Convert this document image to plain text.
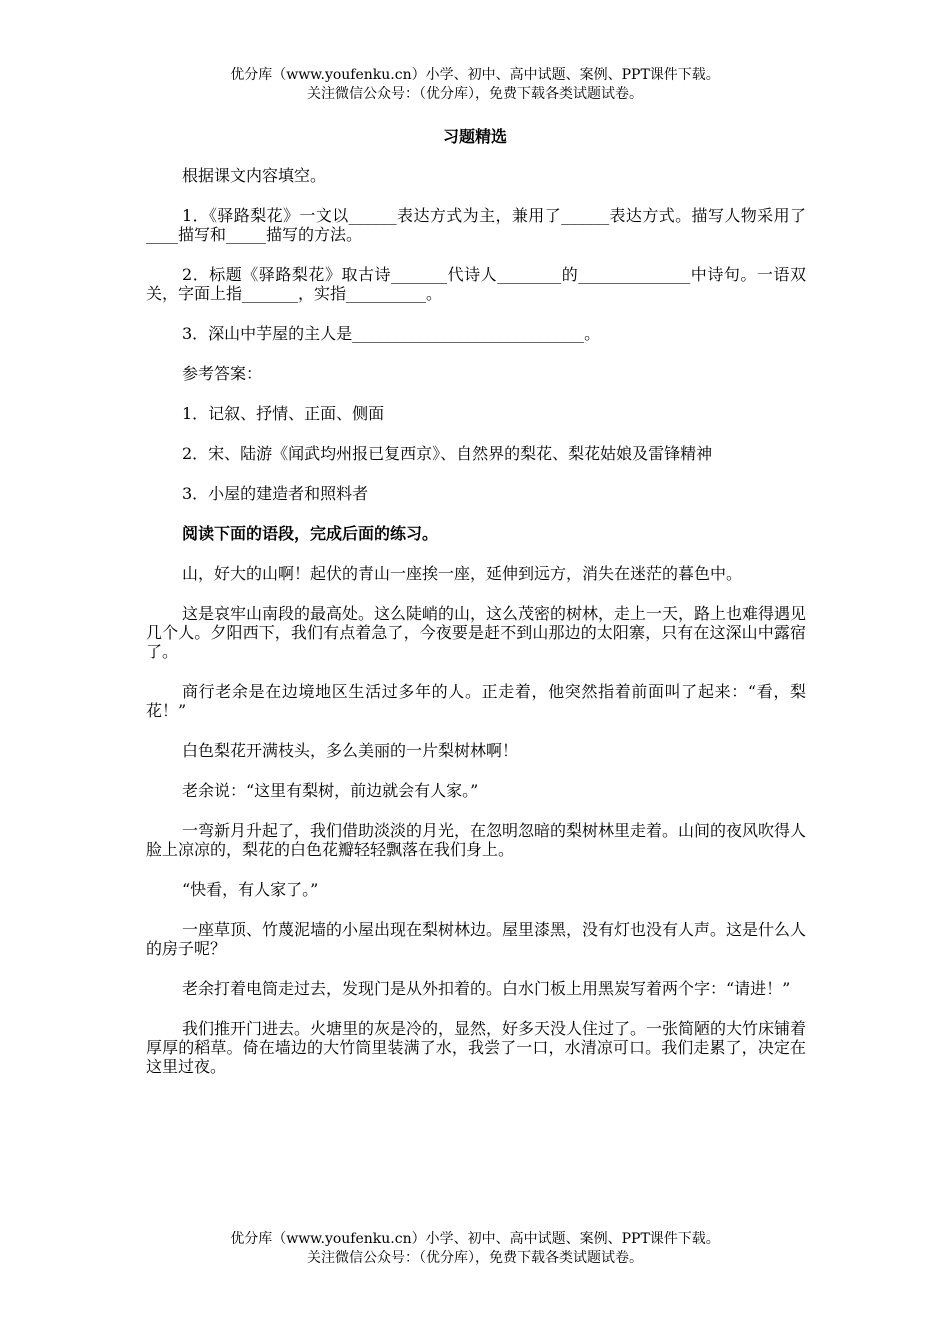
优分库（www.youfenku.cn）小学、初中、高中试题、案例、PPT课件下载。
关注微信公众号：（优分库），免费下载各类试题试卷。
习题精选

根据课文内容填空。

1．《驿路梨花》一文以______表达方式为主，兼用了______表达方式。描写人物采用了____描写和_____描写的方法。

2．标题《驿路梨花》取古诗_______代诗人________的______________中诗句。一语双关，字面上指_______，实指__________。

3．深山中芋屋的主人是_____________________________。

参考答案：

1．记叙、抒情、正面、侧面

2．宋、陆游《闻武均州报已复西京》、自然界的梨花、梨花姑娘及雷锋精神

3．小屋的建造者和照料者

阅读下面的语段，完成后面的练习。

山，好大的山啊！起伏的青山一座挨一座，延伸到远方，消失在迷茫的暮色中。

这是哀牢山南段的最高处。这么陡峭的山，这么茂密的树林，走上一天，路上也难得遇见几个人。夕阳西下，我们有点着急了，今夜要是赶不到山那边的太阳寨，只有在这深山中露宿了。

商行老余是在边境地区生活过多年的人。正走着，他突然指着前面叫了起来：“看，梨花！”

白色梨花开满枝头，多么美丽的一片梨树林啊！

老余说：“这里有梨树，前边就会有人家。”

一弯新月升起了，我们借助淡淡的月光，在忽明忽暗的梨树林里走着。山间的夜风吹得人脸上凉凉的，梨花的白色花瓣轻轻飘落在我们身上。

“快看，有人家了。”

一座草顶、竹蔑泥墙的小屋出现在梨树林边。屋里漆黑，没有灯也没有人声。这是什么人的房子呢？

老余打着电筒走过去，发现门是从外扣着的。白水门板上用黑炭写着两个字：“请进！”

我们推开门进去。火塘里的灰是冷的，显然，好多天没人住过了。一张简陋的大竹床铺着厚厚的稻草。倚在墙边的大竹筒里装满了水，我尝了一口，水清凉可口。我们走累了，决定在这里过夜。

优分库（www.youfenku.cn）小学、初中、高中试题、案例、PPT课件下载。
关注微信公众号：（优分库），免费下载各类试题试卷。
